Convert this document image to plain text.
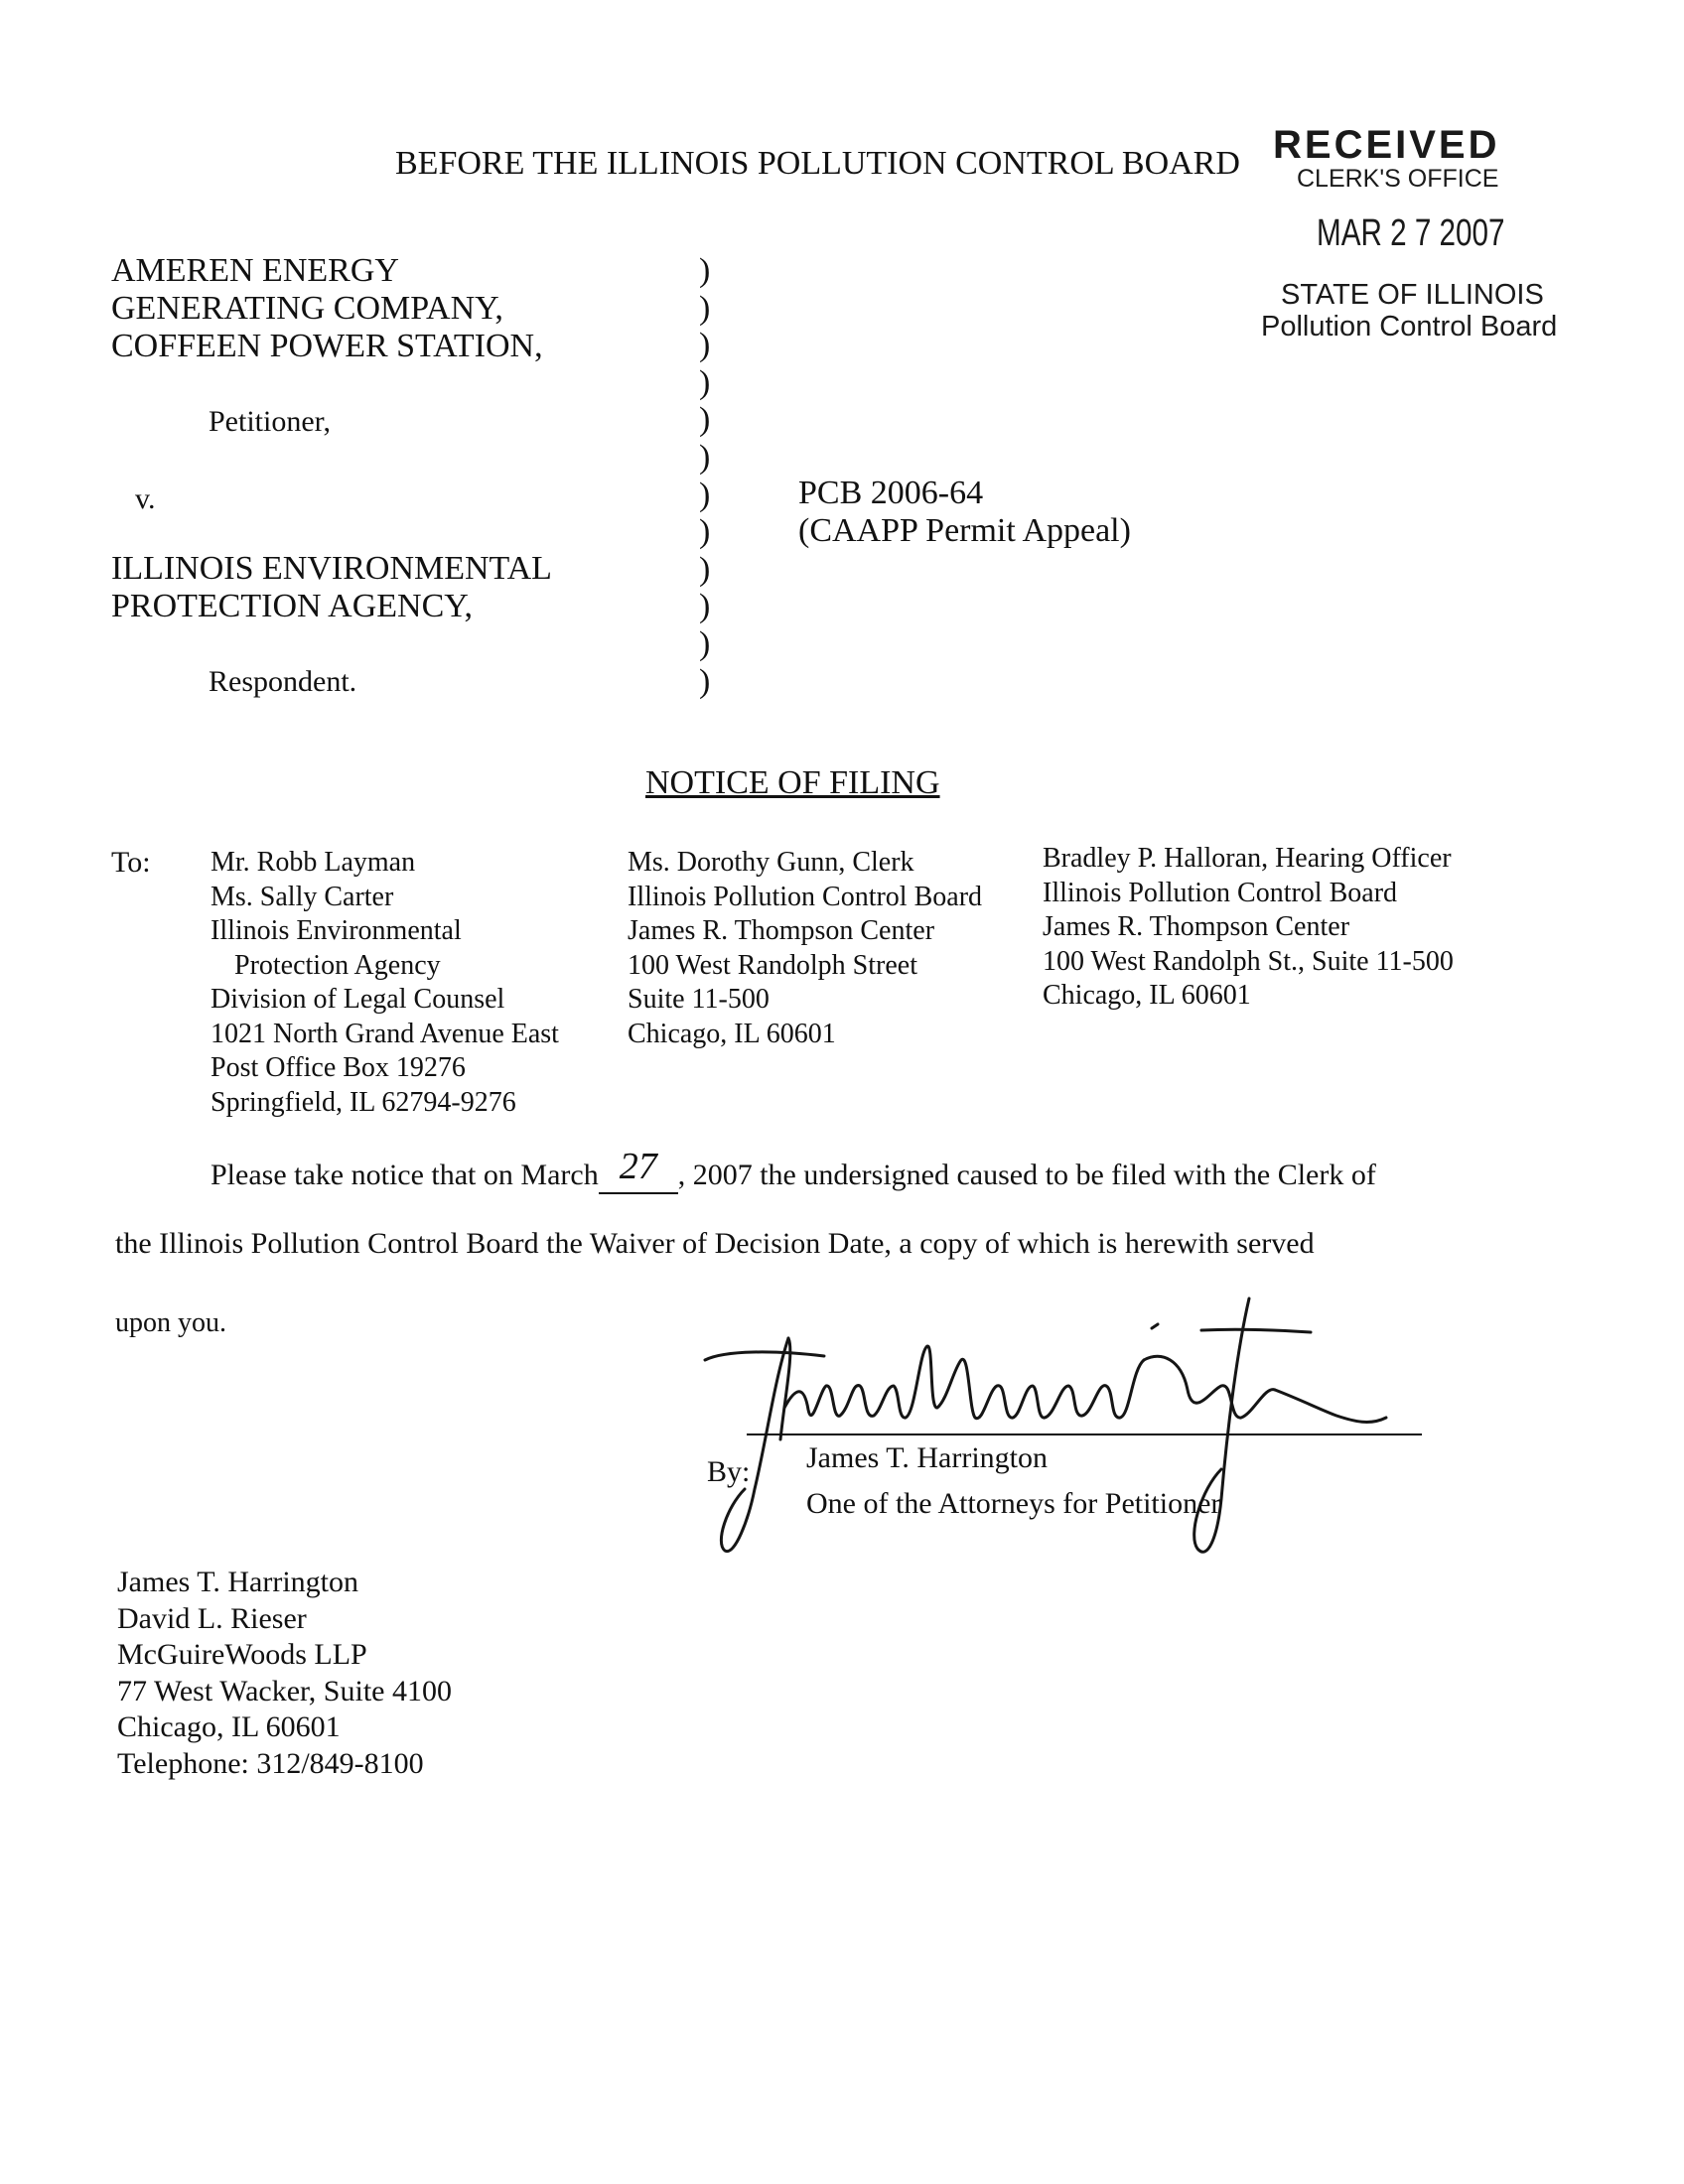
BEFORE THE ILLINOIS POLLUTION CONTROL BOARD RECEIVED
CLERK'S OFFICE
MAR 2 7 2007
STATE OF ILLINOIS
Pollution Control Board
AMEREN ENERGY
GENERATING COMPANY,
COFFEEN POWER STATION,
Petitioner,
v.
ILLINOIS ENVIRONMENTAL
PROTECTION AGENCY,
Respondent.
)
)
)
)
)
)
)
)
)
)
)
)
PCB 2006-64
(CAAPP Permit Appeal)
NOTICE OF FILING
To: Mr. Robb Layman
Ms. Sally Carter
Illinois Environmental
Protection Agency
Division of Legal Counsel
1021 North Grand Avenue East
Post Office Box 19276
Springfield, IL 62794-9276
Ms. Dorothy Gunn, Clerk
Illinois Pollution Control Board
James R. Thompson Center
100 West Randolph Street
Suite 11-500
Chicago, IL 60601
Bradley P. Halloran, Hearing Officer
Illinois Pollution Control Board
James R. Thompson Center
100 West Randolph St., Suite 11-500
Chicago, IL 60601
Please take notice that on March 27 , 2007 the undersigned caused to be filed with the Clerk of
the Illinois Pollution Control Board the Waiver of Decision Date, a copy of which is herewith served
upon you.
By: James T. Harrington
One of the Attorneys for Petitioner
James T. Harrington
David L. Rieser
McGuireWoods LLP
77 West Wacker, Suite 4100
Chicago, IL 60601
Telephone: 312/849-8100
